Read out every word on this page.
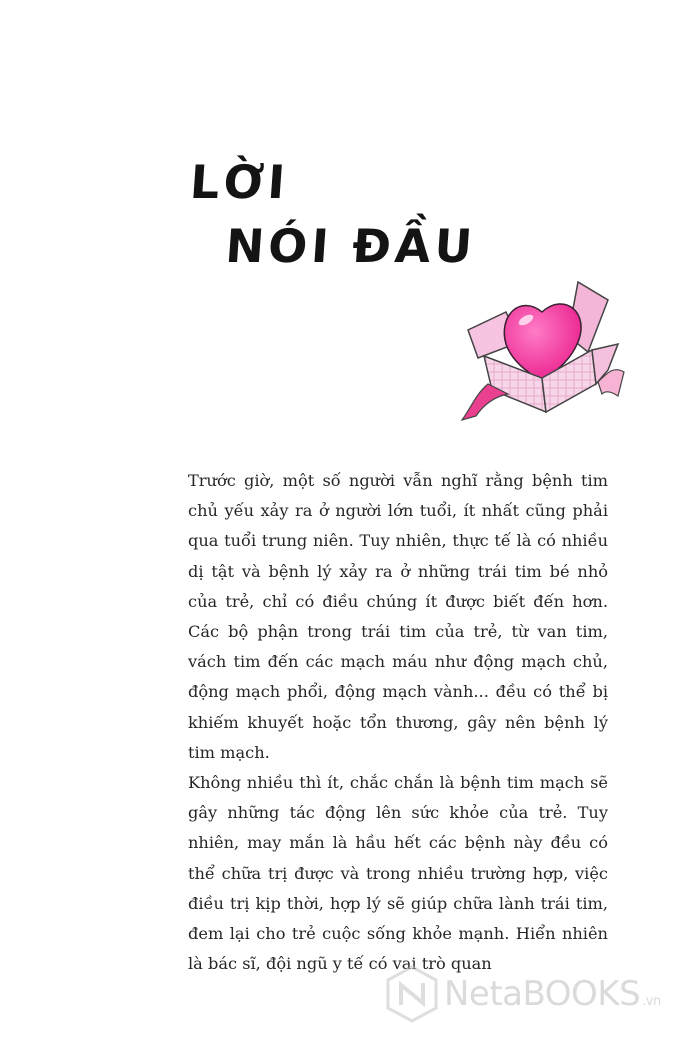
LỜI
NÓI ĐẦU

Trước giờ, một số người vẫn nghĩ rằng bệnh tim chủ yếu xảy ra ở người lớn tuổi, ít nhất cũng phải qua tuổi trung niên. Tuy nhiên, thực tế là có nhiều dị tật và bệnh lý xảy ra ở những trái tim bé nhỏ của trẻ, chỉ có điều chúng ít được biết đến hơn. Các bộ phận trong trái tim của trẻ, từ van tim, vách tim đến các mạch máu như động mạch chủ, động mạch phổi, động mạch vành... đều có thể bị khiếm khuyết hoặc tổn thương, gây nên bệnh lý tim mạch.

Không nhiều thì ít, chắc chắn là bệnh tim mạch sẽ gây những tác động lên sức khỏe của trẻ. Tuy nhiên, may mắn là hầu hết các bệnh này đều có thể chữa trị được và trong nhiều trường hợp, việc điều trị kịp thời, hợp lý sẽ giúp chữa lành trái tim, đem lại cho trẻ cuộc sống khỏe mạnh. Hiển nhiên là bác sĩ, đội ngũ y tế có vai trò quan

NetaBOOKS .vn
